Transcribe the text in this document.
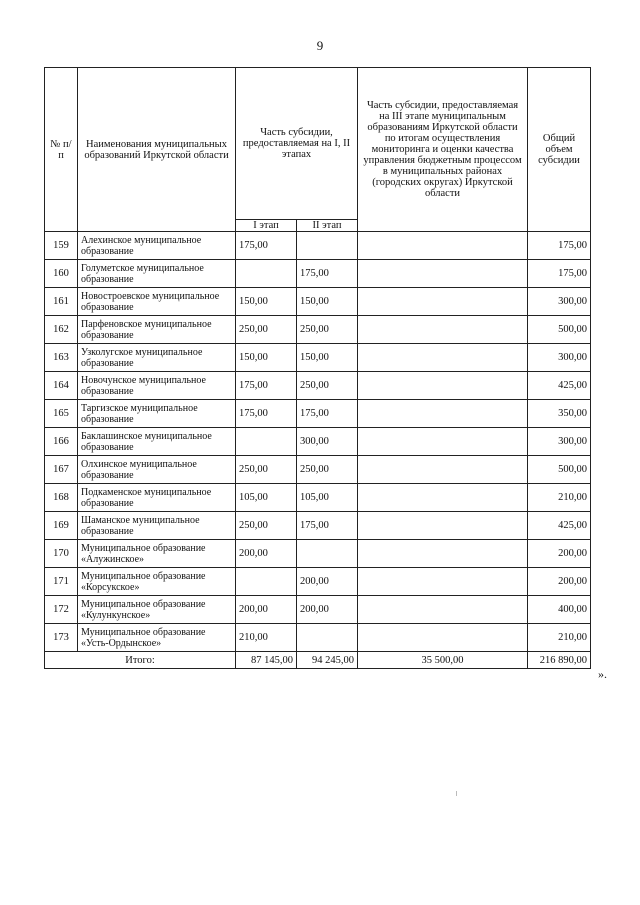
9
№ п/п	Наименования муниципальных образований Иркутской области	Часть субсидии, предоставляемая на I, II этапах		Часть субсидии, предоставляемая на III этапе муниципальным образованиям Иркутской области по итогам осуществления мониторинга и оценки качества управления бюджетным процессом в муниципальных районах (городских округах) Иркутской области	Общий объем субсидии
		I этап	II этап		
159	Алехинское муниципальное образование	175,00			175,00
160	Голуметское муниципальное образование		175,00		175,00
161	Новостроевское муниципальное образование	150,00	150,00		300,00
162	Парфеновское муниципальное образование	250,00	250,00		500,00
163	Узколугское муниципальное образование	150,00	150,00		300,00
164	Новочунское муниципальное образование	175,00	250,00		425,00
165	Таргизское муниципальное образование	175,00	175,00		350,00
166	Баклашинское муниципальное образование		300,00		300,00
167	Олхинское муниципальное образование	250,00	250,00		500,00
168	Подкаменское муниципальное образование	105,00	105,00		210,00
169	Шаманское муниципальное образование	250,00	175,00		425,00
170	Муниципальное образование «Алужинское»	200,00			200,00
171	Муниципальное образование «Корсукское»		200,00		200,00
172	Муниципальное образование «Кулункунское»	200,00	200,00		400,00
173	Муниципальное образование «Усть-Ордынское»	210,00			210,00
Итого:		87 145,00	94 245,00	35 500,00	216 890,00
».
